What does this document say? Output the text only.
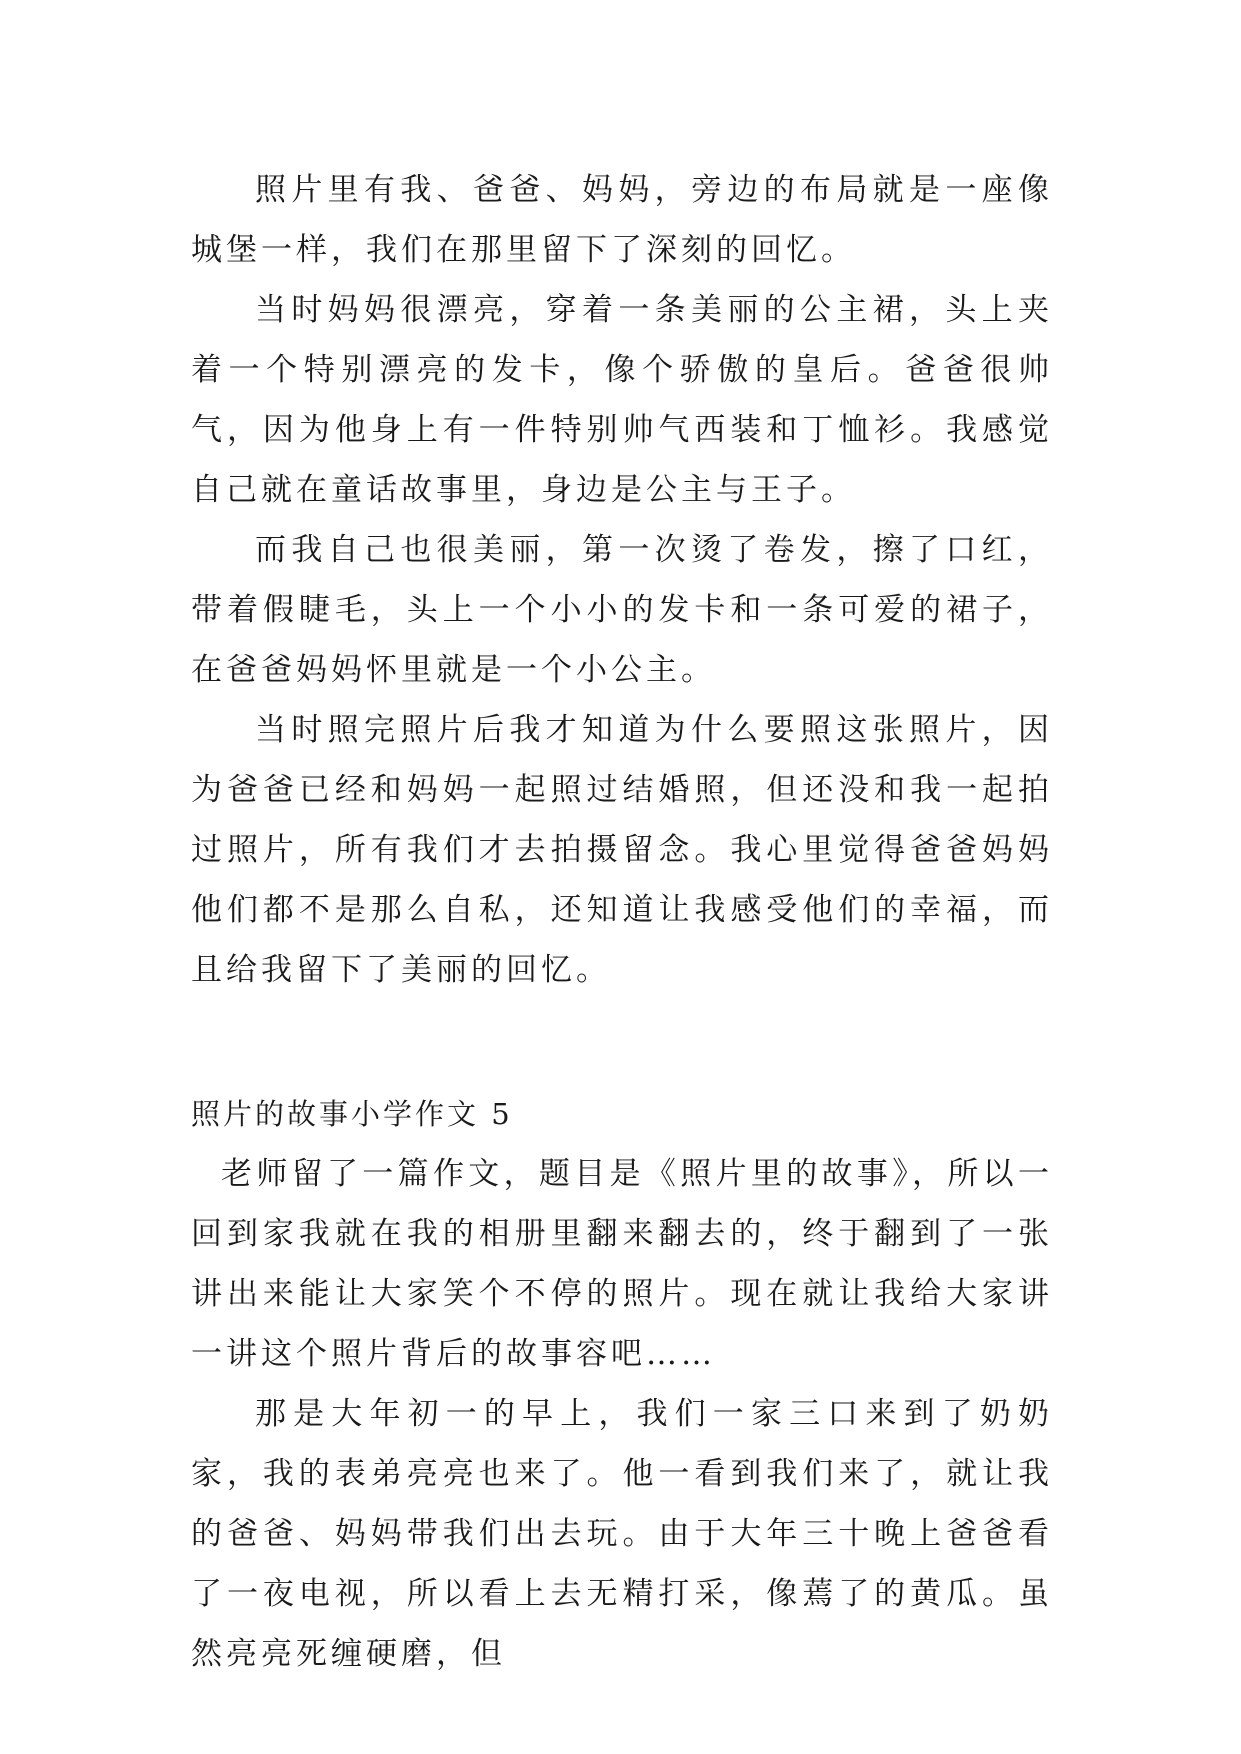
照片里有我、爸爸、妈妈，旁边的布局就是一座像城堡一样，我们在那里留下了深刻的回忆。

当时妈妈很漂亮，穿着一条美丽的公主裙，头上夹着一个特别漂亮的发卡，像个骄傲的皇后。爸爸很帅气，因为他身上有一件特别帅气西装和丁恤衫。我感觉自己就在童话故事里，身边是公主与王子。

而我自己也很美丽，第一次烫了卷发，擦了口红，带着假睫毛，头上一个小小的发卡和一条可爱的裙子，在爸爸妈妈怀里就是一个小公主。

当时照完照片后我才知道为什么要照这张照片，因为爸爸已经和妈妈一起照过结婚照，但还没和我一起拍过照片，所有我们才去拍摄留念。我心里觉得爸爸妈妈他们都不是那么自私，还知道让我感受他们的幸福，而且给我留下了美丽的回忆。

照片的故事小学作文 5

老师留了一篇作文，题目是《照片里的故事》，所以一回到家我就在我的相册里翻来翻去的，终于翻到了一张讲出来能让大家笑个不停的照片。现在就让我给大家讲一讲这个照片背后的故事容吧……

那是大年初一的早上，我们一家三口来到了奶奶家，我的表弟亮亮也来了。他一看到我们来了，就让我的爸爸、妈妈带我们出去玩。由于大年三十晚上爸爸看了一夜电视，所以看上去无精打采，像蔫了的黄瓜。虽然亮亮死缠硬磨，但
